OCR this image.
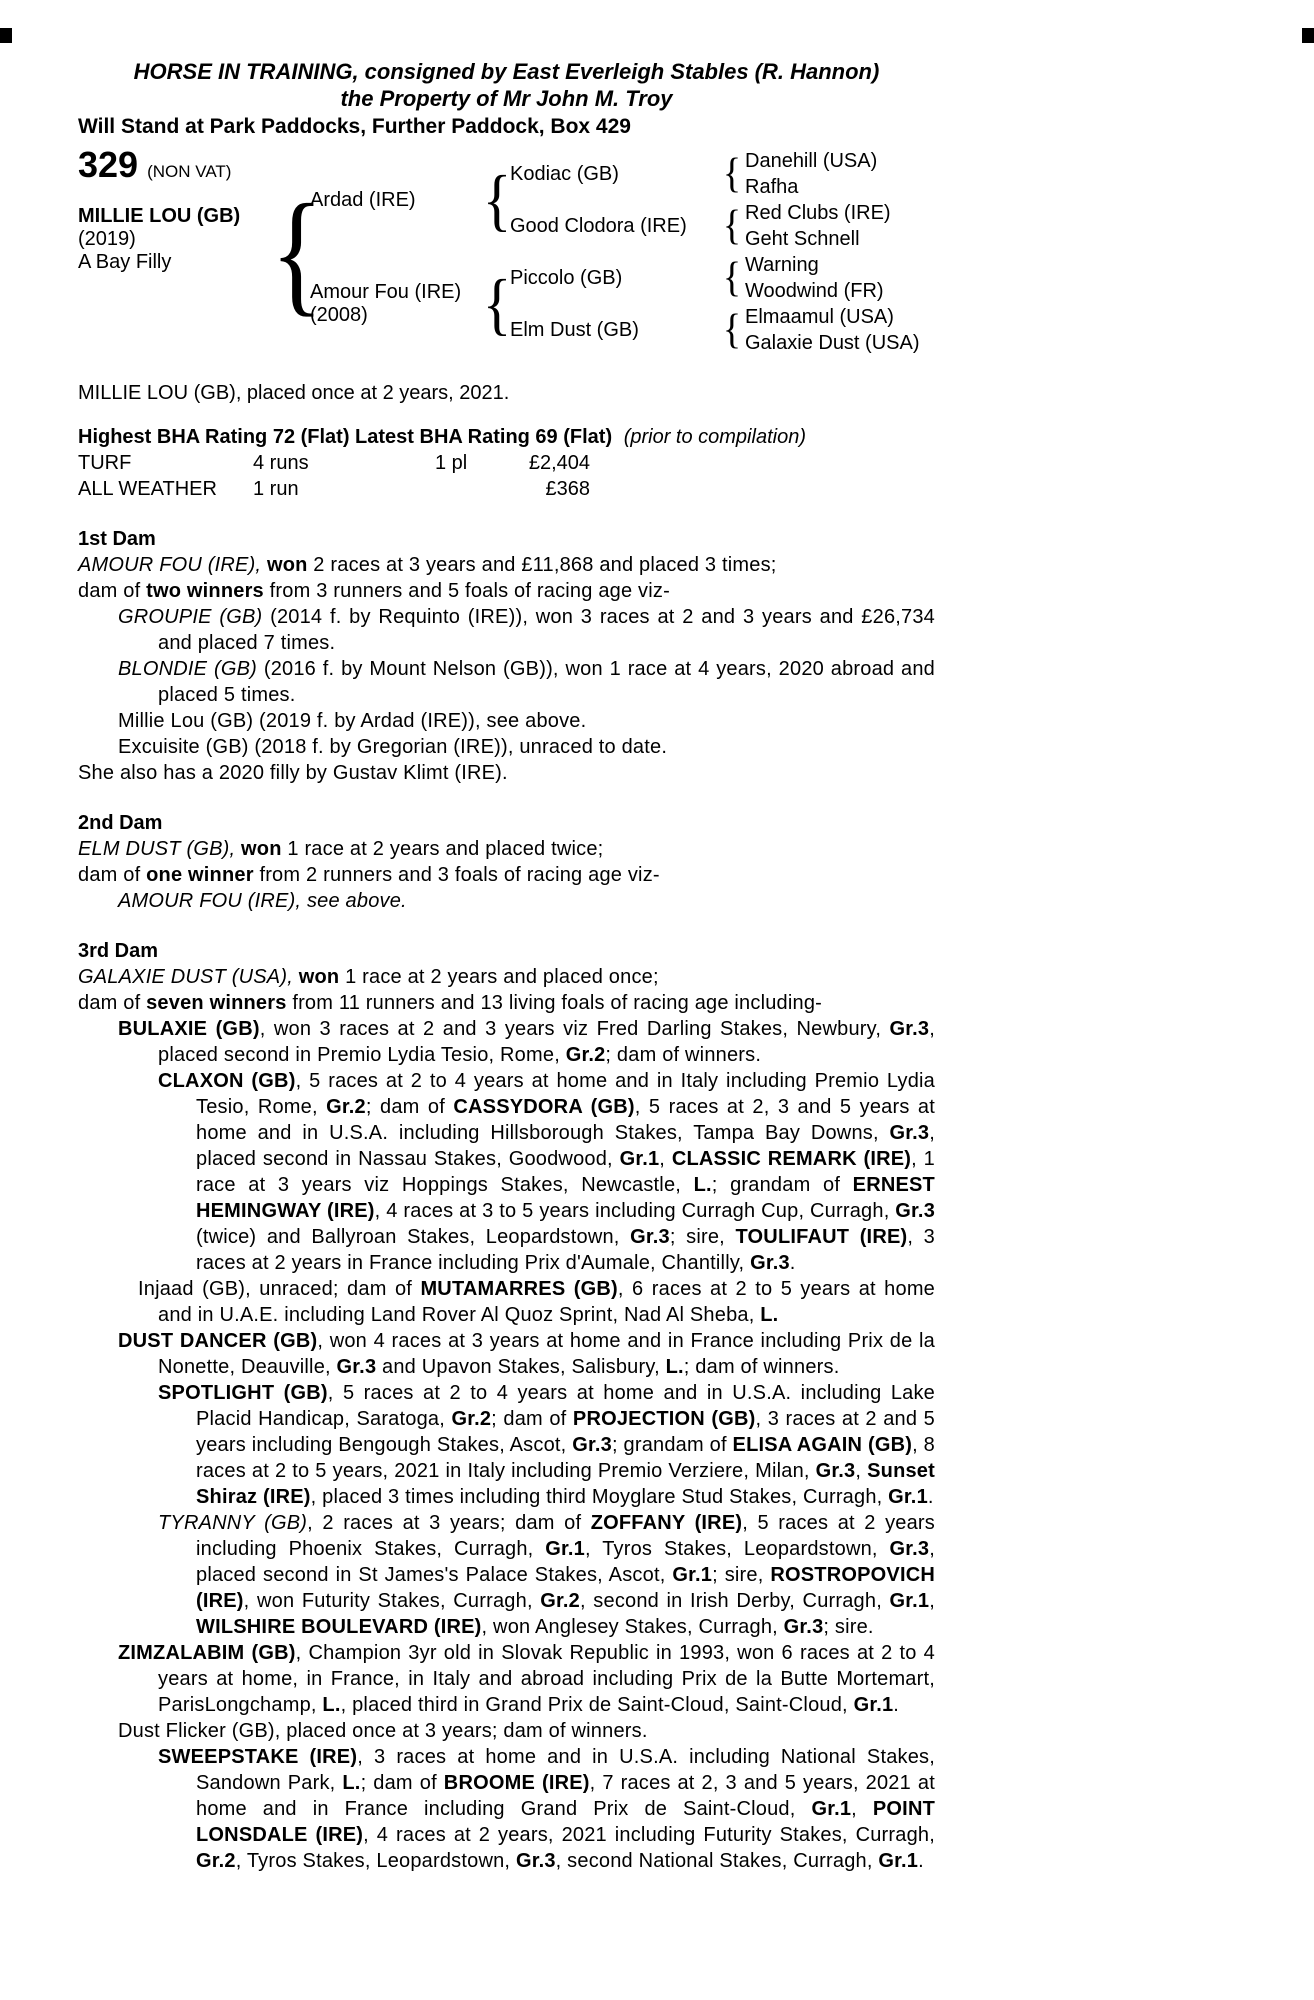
HORSE IN TRAINING, consigned by East Everleigh Stables (R. Hannon)
the Property of Mr John M. Troy
Will Stand at Park Paddocks, Further Paddock, Box 429
329 (NON VAT)
MILLIE LOU (GB)
(2019)
A Bay Filly {
Ardad (IRE)
Amour Fou (IRE)
(2008)
{
{
Kodiac (GB)
Good Clodora (IRE)
Piccolo (GB)
Elm Dust (GB)
{
{
{
{
Danehill (USA)
Rafha
Red Clubs (IRE)
Geht Schnell
Warning
Woodwind (FR)
Elmaamul (USA)
Galaxie Dust (USA)
MILLIE LOU (GB), placed once at 2 years, 2021.
Highest BHA Rating 72 (Flat) Latest BHA Rating 69 (Flat) (prior to compilation)
TURF	4 runs	1 pl	£2,404
ALL WEATHER	1 run	£368
1st Dam
AMOUR FOU (IRE), won 2 races at 3 years and £11,868 and placed 3 times;
dam of two winners from 3 runners and 5 foals of racing age viz-
GROUPIE (GB) (2014 f. by Requinto (IRE)), won 3 races at 2 and 3 years and £26,734 and placed 7 times.
BLONDIE (GB) (2016 f. by Mount Nelson (GB)), won 1 race at 4 years, 2020 abroad and placed 5 times.
Millie Lou (GB) (2019 f. by Ardad (IRE)), see above.
Excuisite (GB) (2018 f. by Gregorian (IRE)), unraced to date.
She also has a 2020 filly by Gustav Klimt (IRE).
2nd Dam
ELM DUST (GB), won 1 race at 2 years and placed twice;
dam of one winner from 2 runners and 3 foals of racing age viz-
AMOUR FOU (IRE), see above.
3rd Dam
GALAXIE DUST (USA), won 1 race at 2 years and placed once;
dam of seven winners from 11 runners and 13 living foals of racing age including-
BULAXIE (GB), won 3 races at 2 and 3 years viz Fred Darling Stakes, Newbury, Gr.3, placed second in Premio Lydia Tesio, Rome, Gr.2; dam of winners.
CLAXON (GB), 5 races at 2 to 4 years at home and in Italy including Premio Lydia Tesio, Rome, Gr.2; dam of CASSYDORA (GB), 5 races at 2, 3 and 5 years at home and in U.S.A. including Hillsborough Stakes, Tampa Bay Downs, Gr.3, placed second in Nassau Stakes, Goodwood, Gr.1, CLASSIC REMARK (IRE), 1 race at 3 years viz Hoppings Stakes, Newcastle, L.; grandam of ERNEST HEMINGWAY (IRE), 4 races at 3 to 5 years including Curragh Cup, Curragh, Gr.3 (twice) and Ballyroan Stakes, Leopardstown, Gr.3; sire, TOULIFAUT (IRE), 3 races at 2 years in France including Prix d'Aumale, Chantilly, Gr.3.
Injaad (GB), unraced; dam of MUTAMARRES (GB), 6 races at 2 to 5 years at home and in U.A.E. including Land Rover Al Quoz Sprint, Nad Al Sheba, L.
DUST DANCER (GB), won 4 races at 3 years at home and in France including Prix de la Nonette, Deauville, Gr.3 and Upavon Stakes, Salisbury, L.; dam of winners.
SPOTLIGHT (GB), 5 races at 2 to 4 years at home and in U.S.A. including Lake Placid Handicap, Saratoga, Gr.2; dam of PROJECTION (GB), 3 races at 2 and 5 years including Bengough Stakes, Ascot, Gr.3; grandam of ELISA AGAIN (GB), 8 races at 2 to 5 years, 2021 in Italy including Premio Verziere, Milan, Gr.3, Sunset Shiraz (IRE), placed 3 times including third Moyglare Stud Stakes, Curragh, Gr.1.
TYRANNY (GB), 2 races at 3 years; dam of ZOFFANY (IRE), 5 races at 2 years including Phoenix Stakes, Curragh, Gr.1, Tyros Stakes, Leopardstown, Gr.3, placed second in St James's Palace Stakes, Ascot, Gr.1; sire, ROSTROPOVICH (IRE), won Futurity Stakes, Curragh, Gr.2, second in Irish Derby, Curragh, Gr.1, WILSHIRE BOULEVARD (IRE), won Anglesey Stakes, Curragh, Gr.3; sire.
ZIMZALABIM (GB), Champion 3yr old in Slovak Republic in 1993, won 6 races at 2 to 4 years at home, in France, in Italy and abroad including Prix de la Butte Mortemart, ParisLongchamp, L., placed third in Grand Prix de Saint-Cloud, Saint-Cloud, Gr.1.
Dust Flicker (GB), placed once at 3 years; dam of winners.
SWEEPSTAKE (IRE), 3 races at home and in U.S.A. including National Stakes, Sandown Park, L.; dam of BROOME (IRE), 7 races at 2, 3 and 5 years, 2021 at home and in France including Grand Prix de Saint-Cloud, Gr.1, POINT LONSDALE (IRE), 4 races at 2 years, 2021 including Futurity Stakes, Curragh, Gr.2, Tyros Stakes, Leopardstown, Gr.3, second National Stakes, Curragh, Gr.1.
